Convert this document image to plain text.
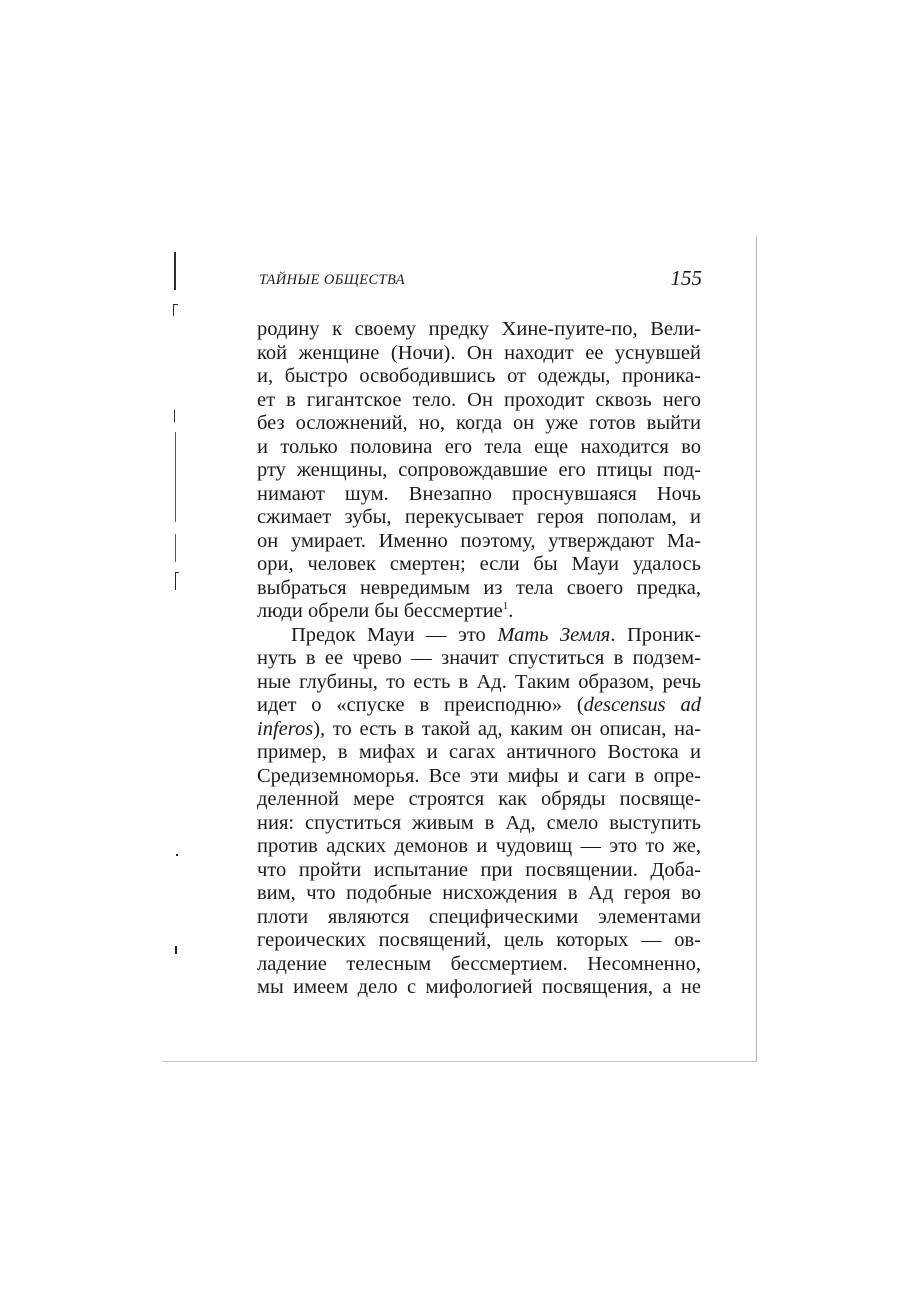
ТАЙНЫЕ ОБЩЕСТВА	155
родину к своему предку Хине-пуите-по, Вели-
кой женщине (Ночи). Он находит ее уснувшей
и, быстро освободившись от одежды, проника-
ет в гигантское тело. Он проходит сквозь него
без осложнений, но, когда он уже готов выйти
и только половина его тела еще находится во
рту женщины, сопровождавшие его птицы под-
нимают шум. Внезапно проснувшаяся Ночь
сжимает зубы, перекусывает героя пополам, и
он умирает. Именно поэтому, утверждают Ма-
ори, человек смертен; если бы Мауи удалось
выбраться невредимым из тела своего предка,
люди обрели бы бессмертие$^1$.
Предок Мауи — это Мать Земля. Проник-
нуть в ее чрево — значит спуститься в подзем-
ные глубины, то есть в Ад. Таким образом, речь
идет о «спуске в преисподню» (descensus ad
inferos), то есть в такой ад, каким он описан, на-
пример, в мифах и сагах античного Востока и
Средиземноморья. Все эти мифы и саги в опре-
деленной мере строятся как обряды посвяще-
ния: спуститься живым в Ад, смело выступить
против адских демонов и чудовищ — это то же,
что пройти испытание при посвящении. Доба-
вим, что подобные нисхождения в Ад героя во
плоти являются специфическими элементами
героических посвящений, цель которых — ов-
ладение телесным бессмертием. Несомненно,
мы имеем дело с мифологией посвящения, а не
